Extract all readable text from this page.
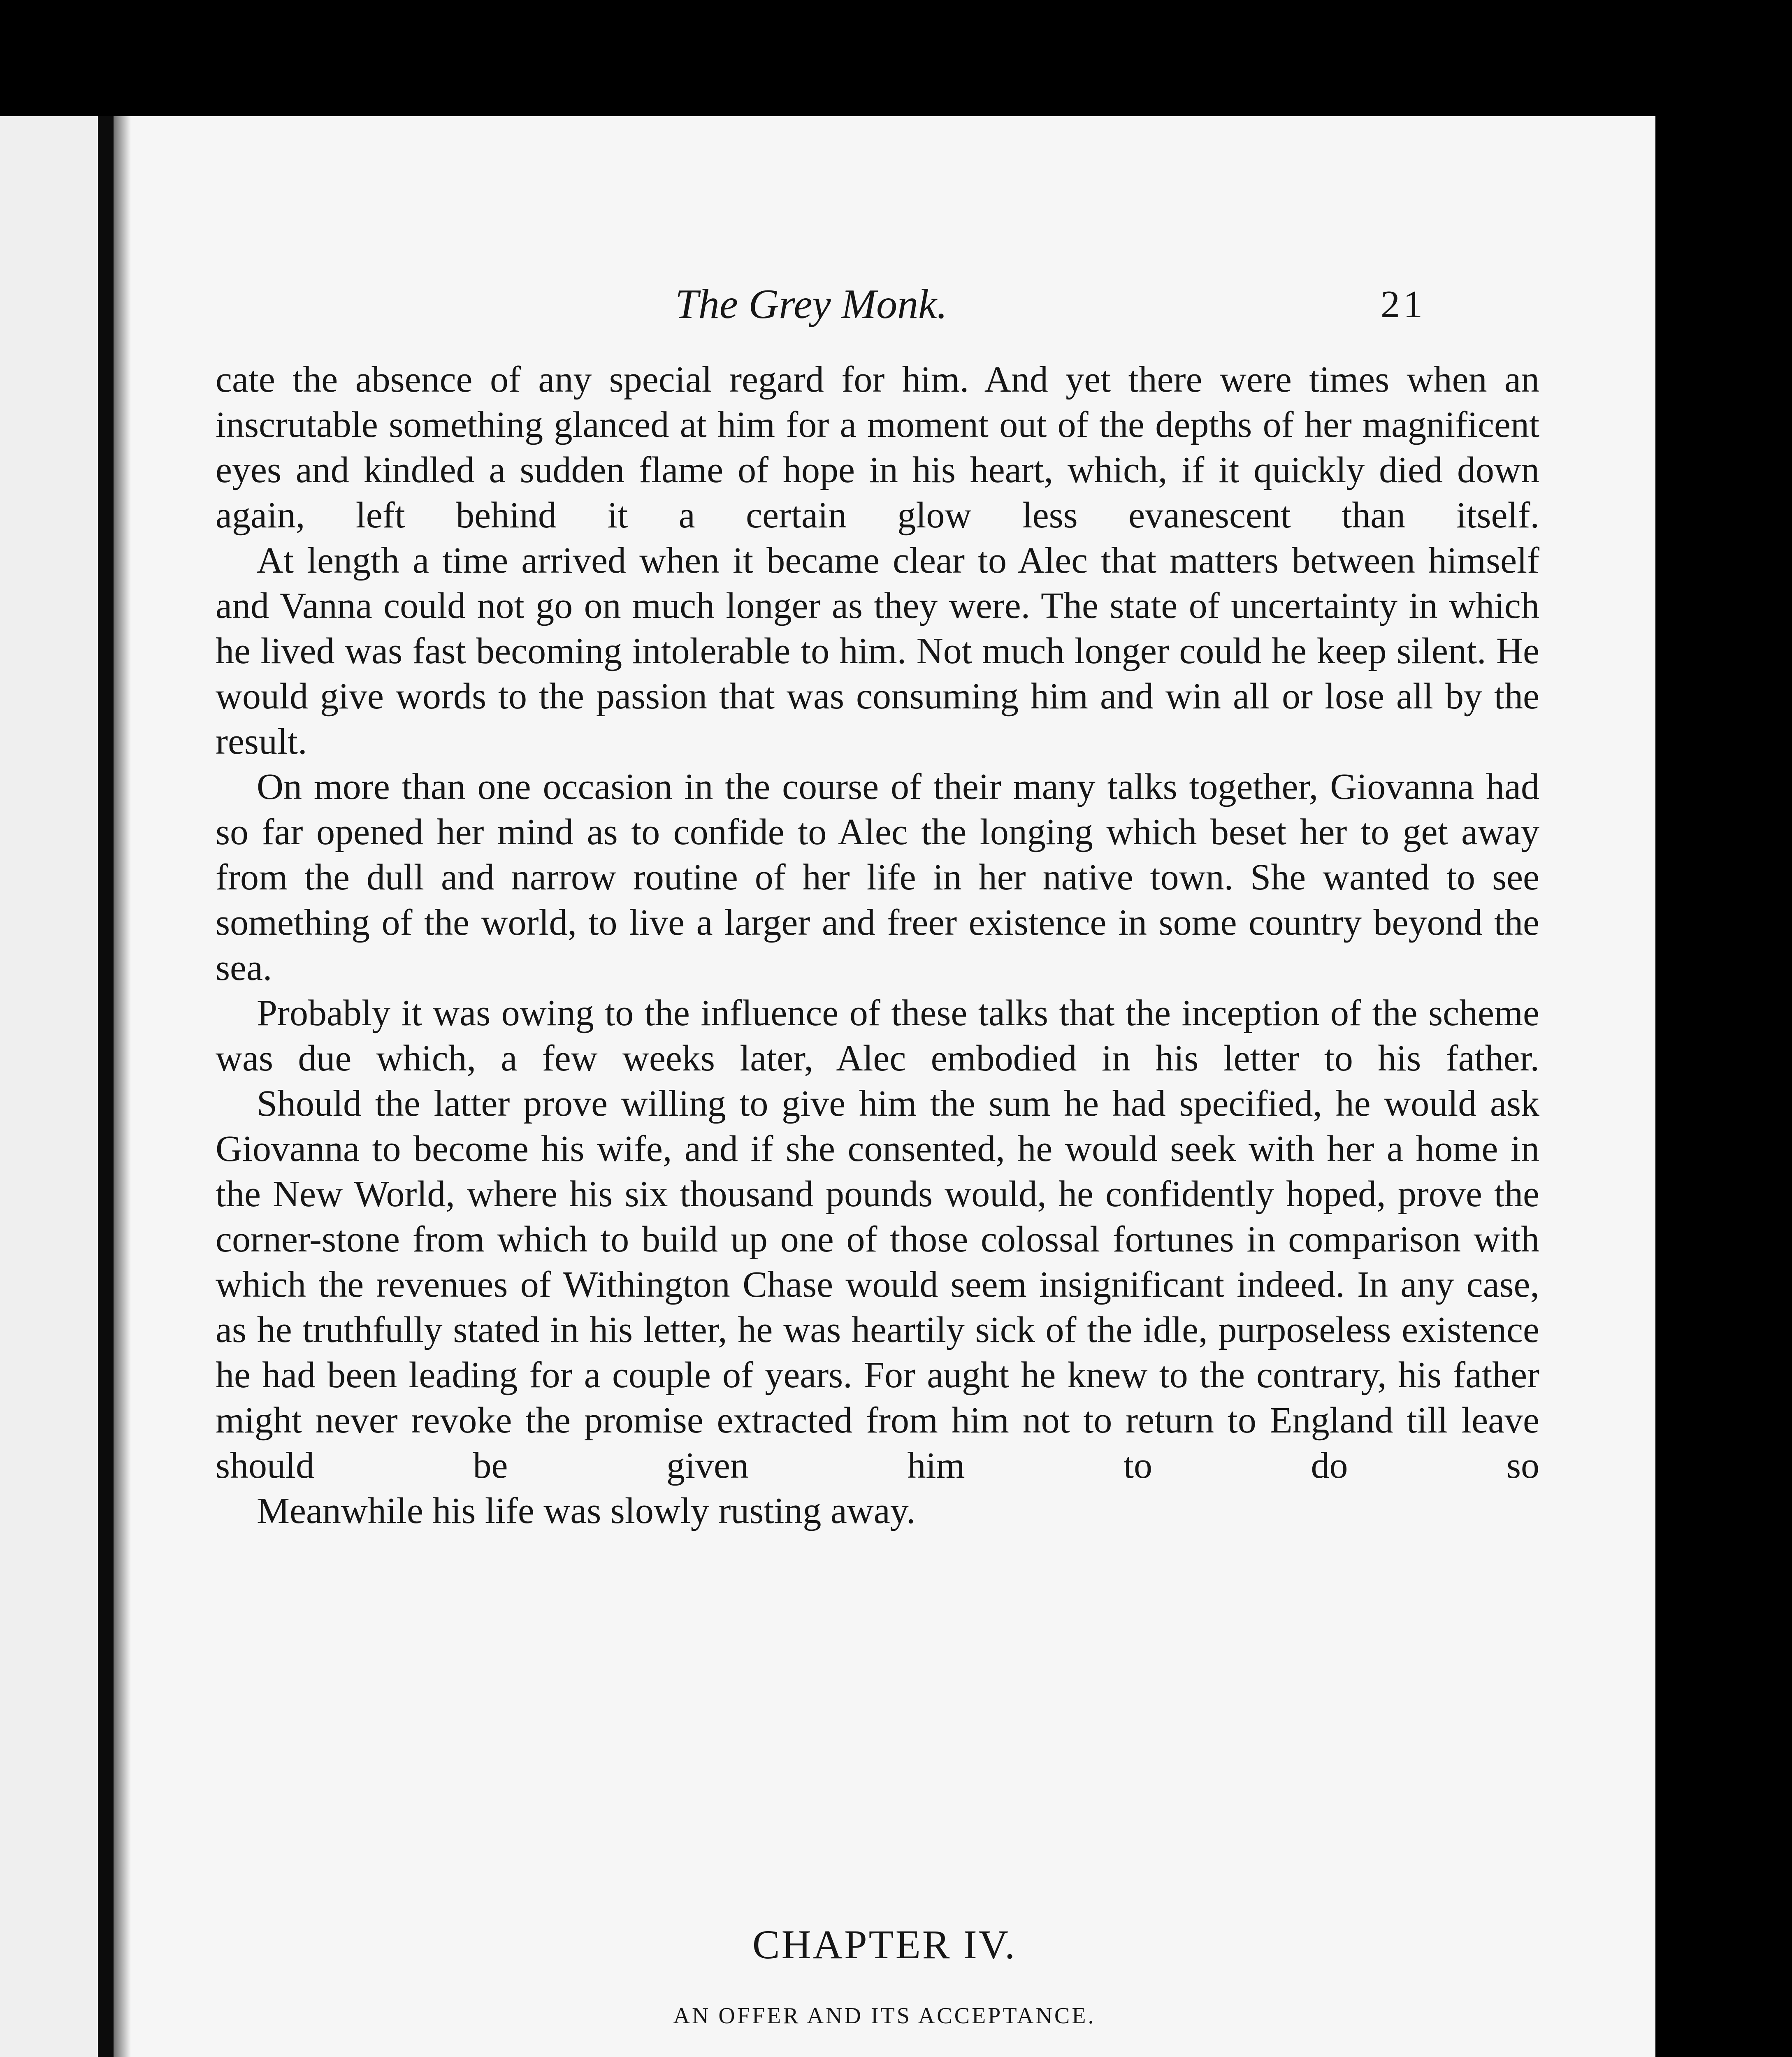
The Grey Monk.	21

cate the absence of any special regard for him. And yet there were times when an inscrutable something glanced at him for a moment out of the depths of her magnificent eyes and kindled a sudden flame of hope in his heart, which, if it quickly died down again, left behind it a certain glow less evanescent than itself.

At length a time arrived when it became clear to Alec that matters between himself and Vanna could not go on much longer as they were. The state of uncertainty in which he lived was fast becoming intolerable to him. Not much longer could he keep silent. He would give words to the passion that was consuming him and win all or lose all by the result.

On more than one occasion in the course of their many talks together, Giovanna had so far opened her mind as to confide to Alec the longing which beset her to get away from the dull and narrow routine of her life in her native town. She wanted to see something of the world, to live a larger and freer existence in some country beyond the sea.

Probably it was owing to the influence of these talks that the inception of the scheme was due which, a few weeks later, Alec embodied in his letter to his father.

Should the latter prove willing to give him the sum he had specified, he would ask Giovanna to become his wife, and if she consented, he would seek with her a home in the New World, where his six thousand pounds would, he confidently hoped, prove the corner-stone from which to build up one of those colossal fortunes in comparison with which the revenues of Withington Chase would seem insignificant indeed. In any case, as he truthfully stated in his letter, he was heartily sick of the idle, purposeless existence he had been leading for a couple of years. For aught he knew to the contrary, his father might never revoke the promise extracted from him not to return to England till leave should be given him to do so

Meanwhile his life was slowly rusting away.

CHAPTER IV.
AN OFFER AND ITS ACCEPTANCE.
